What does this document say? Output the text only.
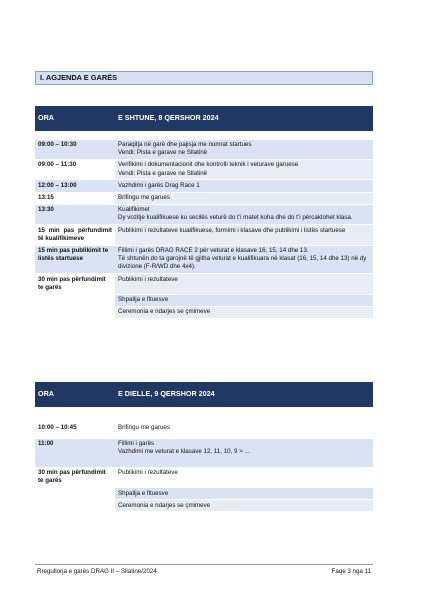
I. AGJENDA E GARËS
ORA	E SHTUNE, 8 QERSHOR 2024

09:00 – 10:30	Paraqitja në garë dhe pajisja me numrat startues
Vendi: Pista e garave ne Sllatinë

09:00 – 11:30	Verifikimi i dokumentacionit dhe kontrolli teknik i veturave garuese
Vendi: Pista e garave ne Sllatinë

12:00 – 13:00	Vazhdimi i garës Drag Race 1

13:15	Brifingu me garues

13:30	Kualifikimet
Dy vozitje kualifikuese ku secilës veturë do t’i matet koha dhe do t’i përcaktohet klasa.

15 min pas përfundimit të kualifikimeve	Publikimi i rezultateve kualifikuese, formimi i klasave dhe publikimi i listës startuese

15 min pas publikimit te listës startuese	Fillimi i garës DRAG RACE 2 për veturat e klasave 16, 15, 14 dhe 13.
Të shtunën do ta garojnë të gjitha veturat e kualifikuara në klasat (16, 15, 14 dhe 13) në dy divizione (F-R/WD dhe 4x4).

30 min pas përfundimit te garës	Publikimi i rezultateve

	Shpallja e fituesve

	Ceremonia e ndarjes se çmimeve
ORA	E DIELLE, 9 QERSHOR 2024

10:00 – 10:45	Brifingu me garues

11:00	Fillimi i garës
Vazhdimi me veturat e klasave 12, 11, 10, 9 > ...

30 min pas përfundimit te garës	Publikimi i rezultateve

	Shpallja e fituesve

	Ceremonia e ndarjes se çmimeve
Rregullorja e garës DRAG II – Sllatine/2024	Faqe 3 nga 11
